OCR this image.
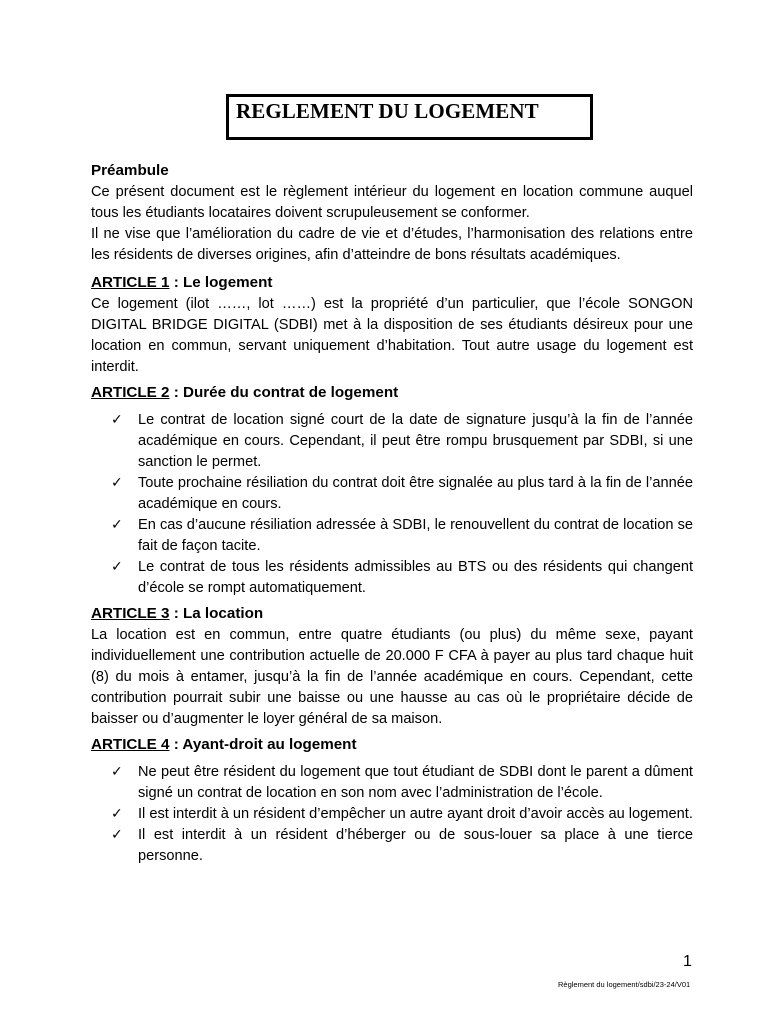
REGLEMENT DU LOGEMENT
Préambule

Ce présent document est le règlement intérieur du logement en location commune auquel tous les étudiants locataires doivent scrupuleusement se conformer.

Il ne vise que l’amélioration du cadre de vie et d’études, l’harmonisation des relations entre les résidents de diverses origines, afin d’atteindre de bons résultats académiques.

ARTICLE 1 : Le logement

Ce logement (ilot ……, lot ……) est la propriété d’un particulier, que l’école SONGON DIGITAL BRIDGE DIGITAL (SDBI) met à la disposition de ses étudiants désireux pour une location en commun, servant uniquement d’habitation. Tout autre usage du logement est interdit.

ARTICLE 2 : Durée du contrat de logement
✓ Le contrat de location signé court de la date de signature jusqu’à la fin de l’année académique en cours. Cependant, il peut être rompu brusquement par SDBI, si une sanction le permet.
✓ Toute prochaine résiliation du contrat doit être signalée au plus tard à la fin de l’année académique en cours.
✓ En cas d’aucune résiliation adressée à SDBI, le renouvellent du contrat de location se fait de façon tacite.
✓ Le contrat de tous les résidents admissibles au BTS ou des résidents qui changent d’école se rompt automatiquement.
ARTICLE 3 : La location

La location est en commun, entre quatre étudiants (ou plus) du même sexe, payant individuellement une contribution actuelle de 20.000 F CFA à payer au plus tard chaque huit (8) du mois à entamer, jusqu’à la fin de l’année académique en cours. Cependant, cette contribution pourrait subir une baisse ou une hausse au cas où le propriétaire décide de baisser ou d’augmenter le loyer général de sa maison.

ARTICLE 4 : Ayant-droit au logement
✓ Ne peut être résident du logement que tout étudiant de SDBI dont le parent a dûment signé un contrat de location en son nom avec l’administration de l’école.
✓ Il est interdit à un résident d’empêcher un autre ayant droit d’avoir accès au logement.
✓ Il est interdit à un résident d’héberger ou de sous-louer sa place à une tierce personne.
1
Règlement du logement/sdbi/23-24/V01
